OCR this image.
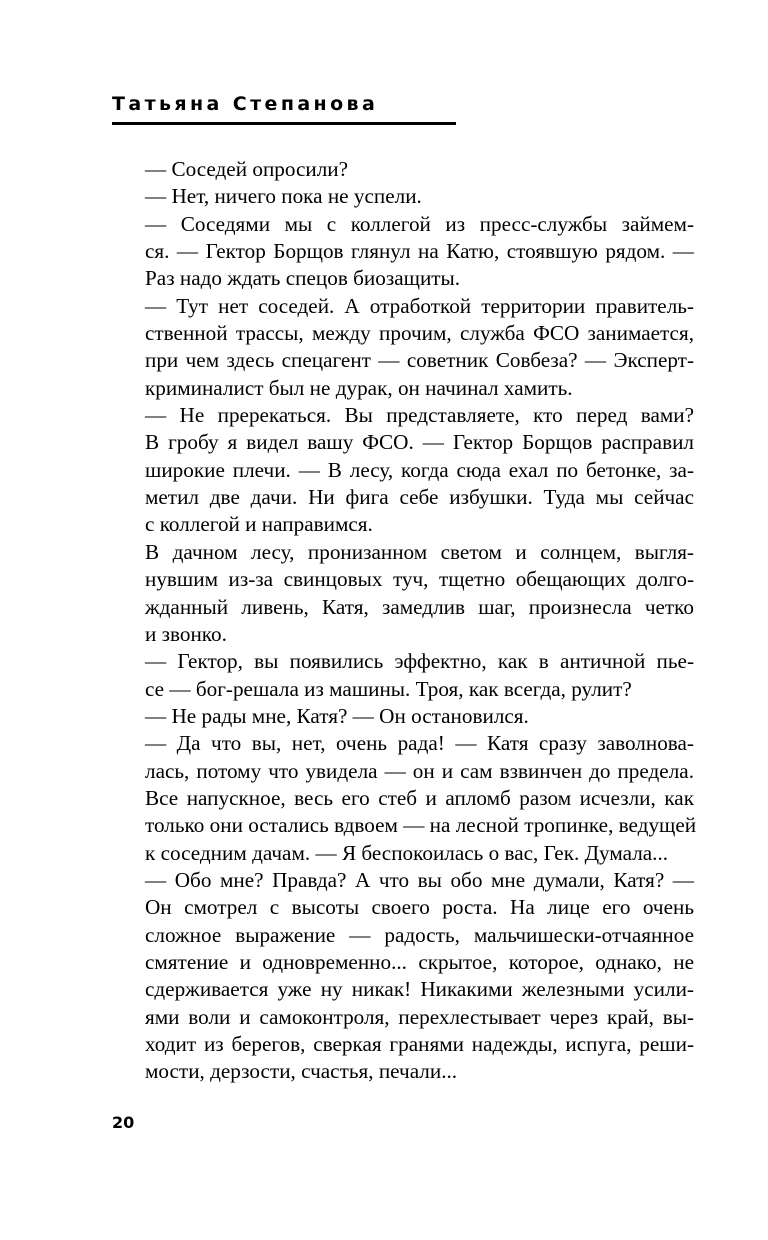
Татьяна Степанова

— Соседей опросили?

— Нет, ничего пока не успели.

— Соседями мы с коллегой из пресс-службы займем-
ся. — Гектор Борщов глянул на Катю, стоявшую рядом. —
Раз надо ждать спецов биозащиты.

— Тут нет соседей. А отработкой территории правитель-
ственной трассы, между прочим, служба ФСО занимается,
при чем здесь спецагент — советник Совбеза? — Эксперт-
криминалист был не дурак, он начинал хамить.

— Не пререкаться. Вы представляете, кто перед вами?
В гробу я видел вашу ФСО. — Гектор Борщов расправил
широкие плечи. — В лесу, когда сюда ехал по бетонке, за-
метил две дачи. Ни фига себе избушки. Туда мы сейчас
с коллегой и направимся.

В дачном лесу, пронизанном светом и солнцем, выгля-
нувшим из-за свинцовых туч, тщетно обещающих долго-
жданный ливень, Катя, замедлив шаг, произнесла четко
и звонко.

— Гектор, вы появились эффектно, как в античной пье-
се — бог-решала из машины. Троя, как всегда, рулит?

— Не рады мне, Катя? — Он остановился.

— Да что вы, нет, очень рада! — Катя сразу заволнова-
лась, потому что увидела — он и сам взвинчен до предела.
Все напускное, весь его стеб и апломб разом исчезли, как
только они остались вдвоем — на лесной тропинке, ведущей
к соседним дачам. — Я беспокоилась о вас, Гек. Думала...

— Обо мне? Правда? А что вы обо мне думали, Катя? —
Он смотрел с высоты своего роста. На лице его очень
сложное выражение — радость, мальчишески-отчаянное
смятение и одновременно... скрытое, которое, однако, не
сдерживается уже ну никак! Никакими железными усили-
ями воли и самоконтроля, перехлестывает через край, вы-
ходит из берегов, сверкая гранями надежды, испуга, реши-
мости, дерзости, счастья, печали...

20
